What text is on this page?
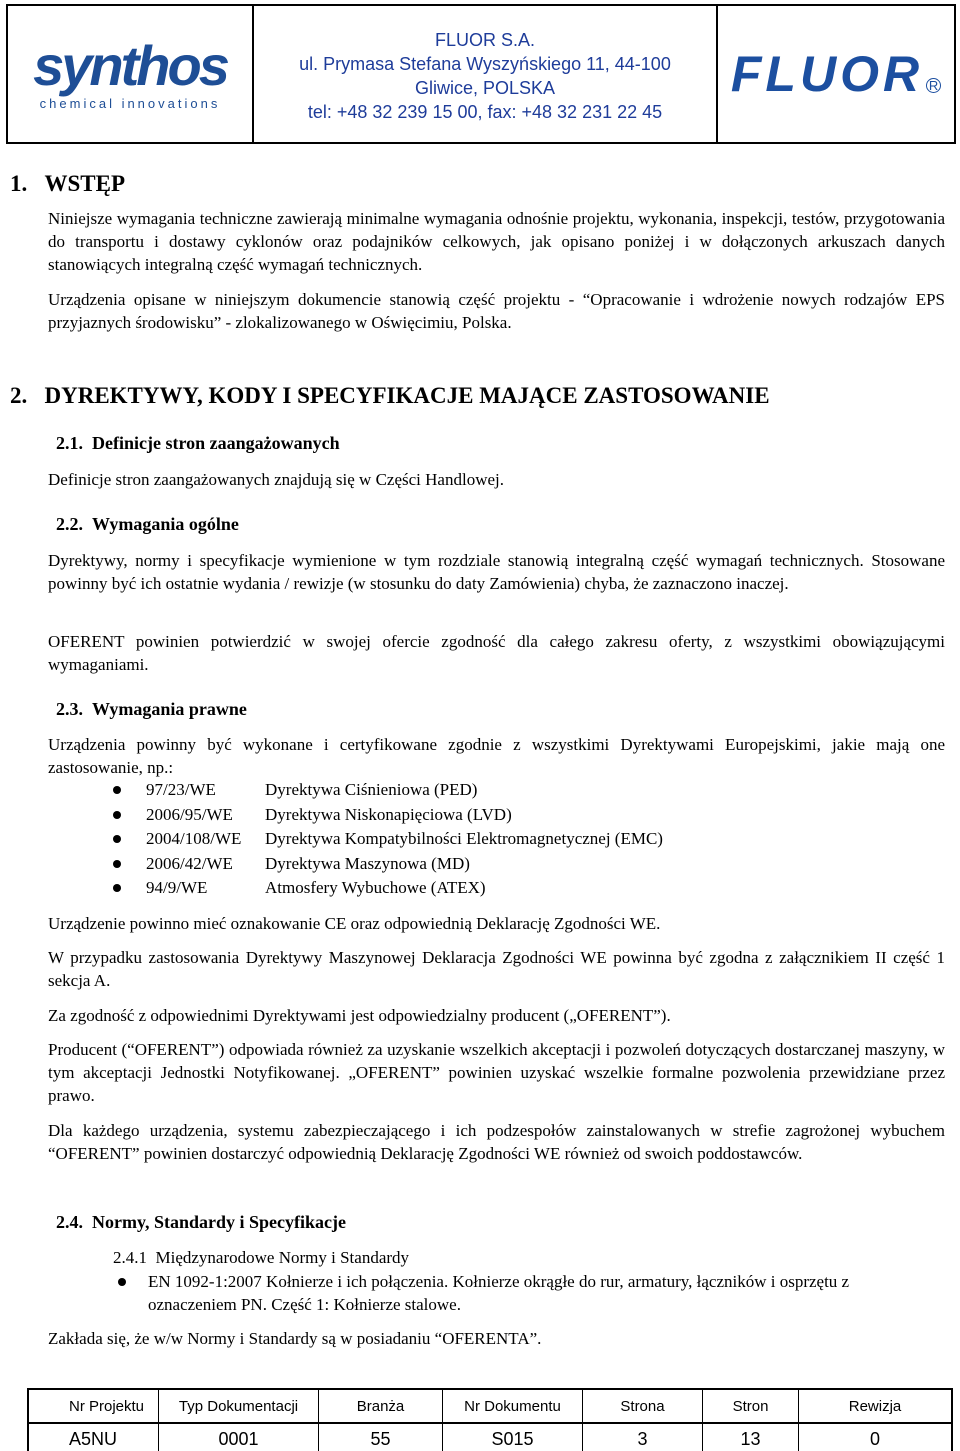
synthos
chemical innovations
FLUOR S.A.
ul. Prymasa Stefana Wyszyńskiego 11, 44-100
Gliwice, POLSKA
tel: +48 32 239 15 00, fax: +48 32 231 22 45
FLUOR R
1. WSTĘP
Niniejsze wymagania techniczne zawierają minimalne wymagania odnośnie projektu, wykonania, inspekcji, testów, przygotowania do transportu i dostawy cyklonów oraz podajników celkowych, jak opisano poniżej i w dołączonych arkuszach danych stanowiących integralną część wymagań technicznych.
Urządzenia opisane w niniejszym dokumencie stanowią część projektu - “Opracowanie i wdrożenie nowych rodzajów EPS przyjaznych środowisku” - zlokalizowanego w Oświęcimiu, Polska.
2. DYREKTYWY, KODY I SPECYFIKACJE MAJĄCE ZASTOSOWANIE
2.1. Definicje stron zaangażowanych
Definicje stron zaangażowanych znajdują się w Części Handlowej.
2.2. Wymagania ogólne
Dyrektywy, normy i specyfikacje wymienione w tym rozdziale stanowią integralną część wymagań technicznych. Stosowane powinny być ich ostatnie wydania / rewizje (w stosunku do daty Zamówienia) chyba, że zaznaczono inaczej.
OFERENT powinien potwierdzić w swojej ofercie zgodność dla całego zakresu oferty, z wszystkimi obowiązującymi wymaganiami.
2.3. Wymagania prawne
Urządzenia powinny być wykonane i certyfikowane zgodnie z wszystkimi Dyrektywami Europejskimi, jakie mają one zastosowanie, np.:
97/23/WE	Dyrektywa Ciśnieniowa (PED)
2006/95/WE	Dyrektywa Niskonapięciowa (LVD)
2004/108/WE	Dyrektywa Kompatybilności Elektromagnetycznej (EMC)
2006/42/WE	Dyrektywa Maszynowa (MD)
94/9/WE	Atmosfery Wybuchowe (ATEX)
Urządzenie powinno mieć oznakowanie CE oraz odpowiednią Deklarację Zgodności WE.
W przypadku zastosowania Dyrektywy Maszynowej Deklaracja Zgodności WE powinna być zgodna z załącznikiem II część 1 sekcja A.
Za zgodność z odpowiednimi Dyrektywami jest odpowiedzialny producent („OFERENT”).
Producent (“OFERENT”) odpowiada również za uzyskanie wszelkich akceptacji i pozwoleń dotyczących dostarczanej maszyny, w tym akceptacji Jednostki Notyfikowanej. „OFERENT” powinien uzyskać wszelkie formalne pozwolenia przewidziane przez prawo.
Dla każdego urządzenia, systemu zabezpieczającego i ich podzespołów zainstalowanych w strefie zagrożonej wybuchem “OFERENT” powinien dostarczyć odpowiednią Deklarację Zgodności WE również od swoich poddostawców.
2.4. Normy, Standardy i Specyfikacje
2.4.1 Międzynarodowe Normy i Standardy
EN 1092-1:2007 Kołnierze i ich połączenia. Kołnierze okrągłe do rur, armatury, łączników i osprzętu z oznaczeniem PN. Część 1: Kołnierze stalowe.
Zakłada się, że w/w Normy i Standardy są w posiadaniu “OFERENTA”.
Nr Projektu	Typ Dokumentacji	Branża	Nr Dokumentu	Strona	Stron	Rewizja
A5NU	0001	55	S015	3	13	0
